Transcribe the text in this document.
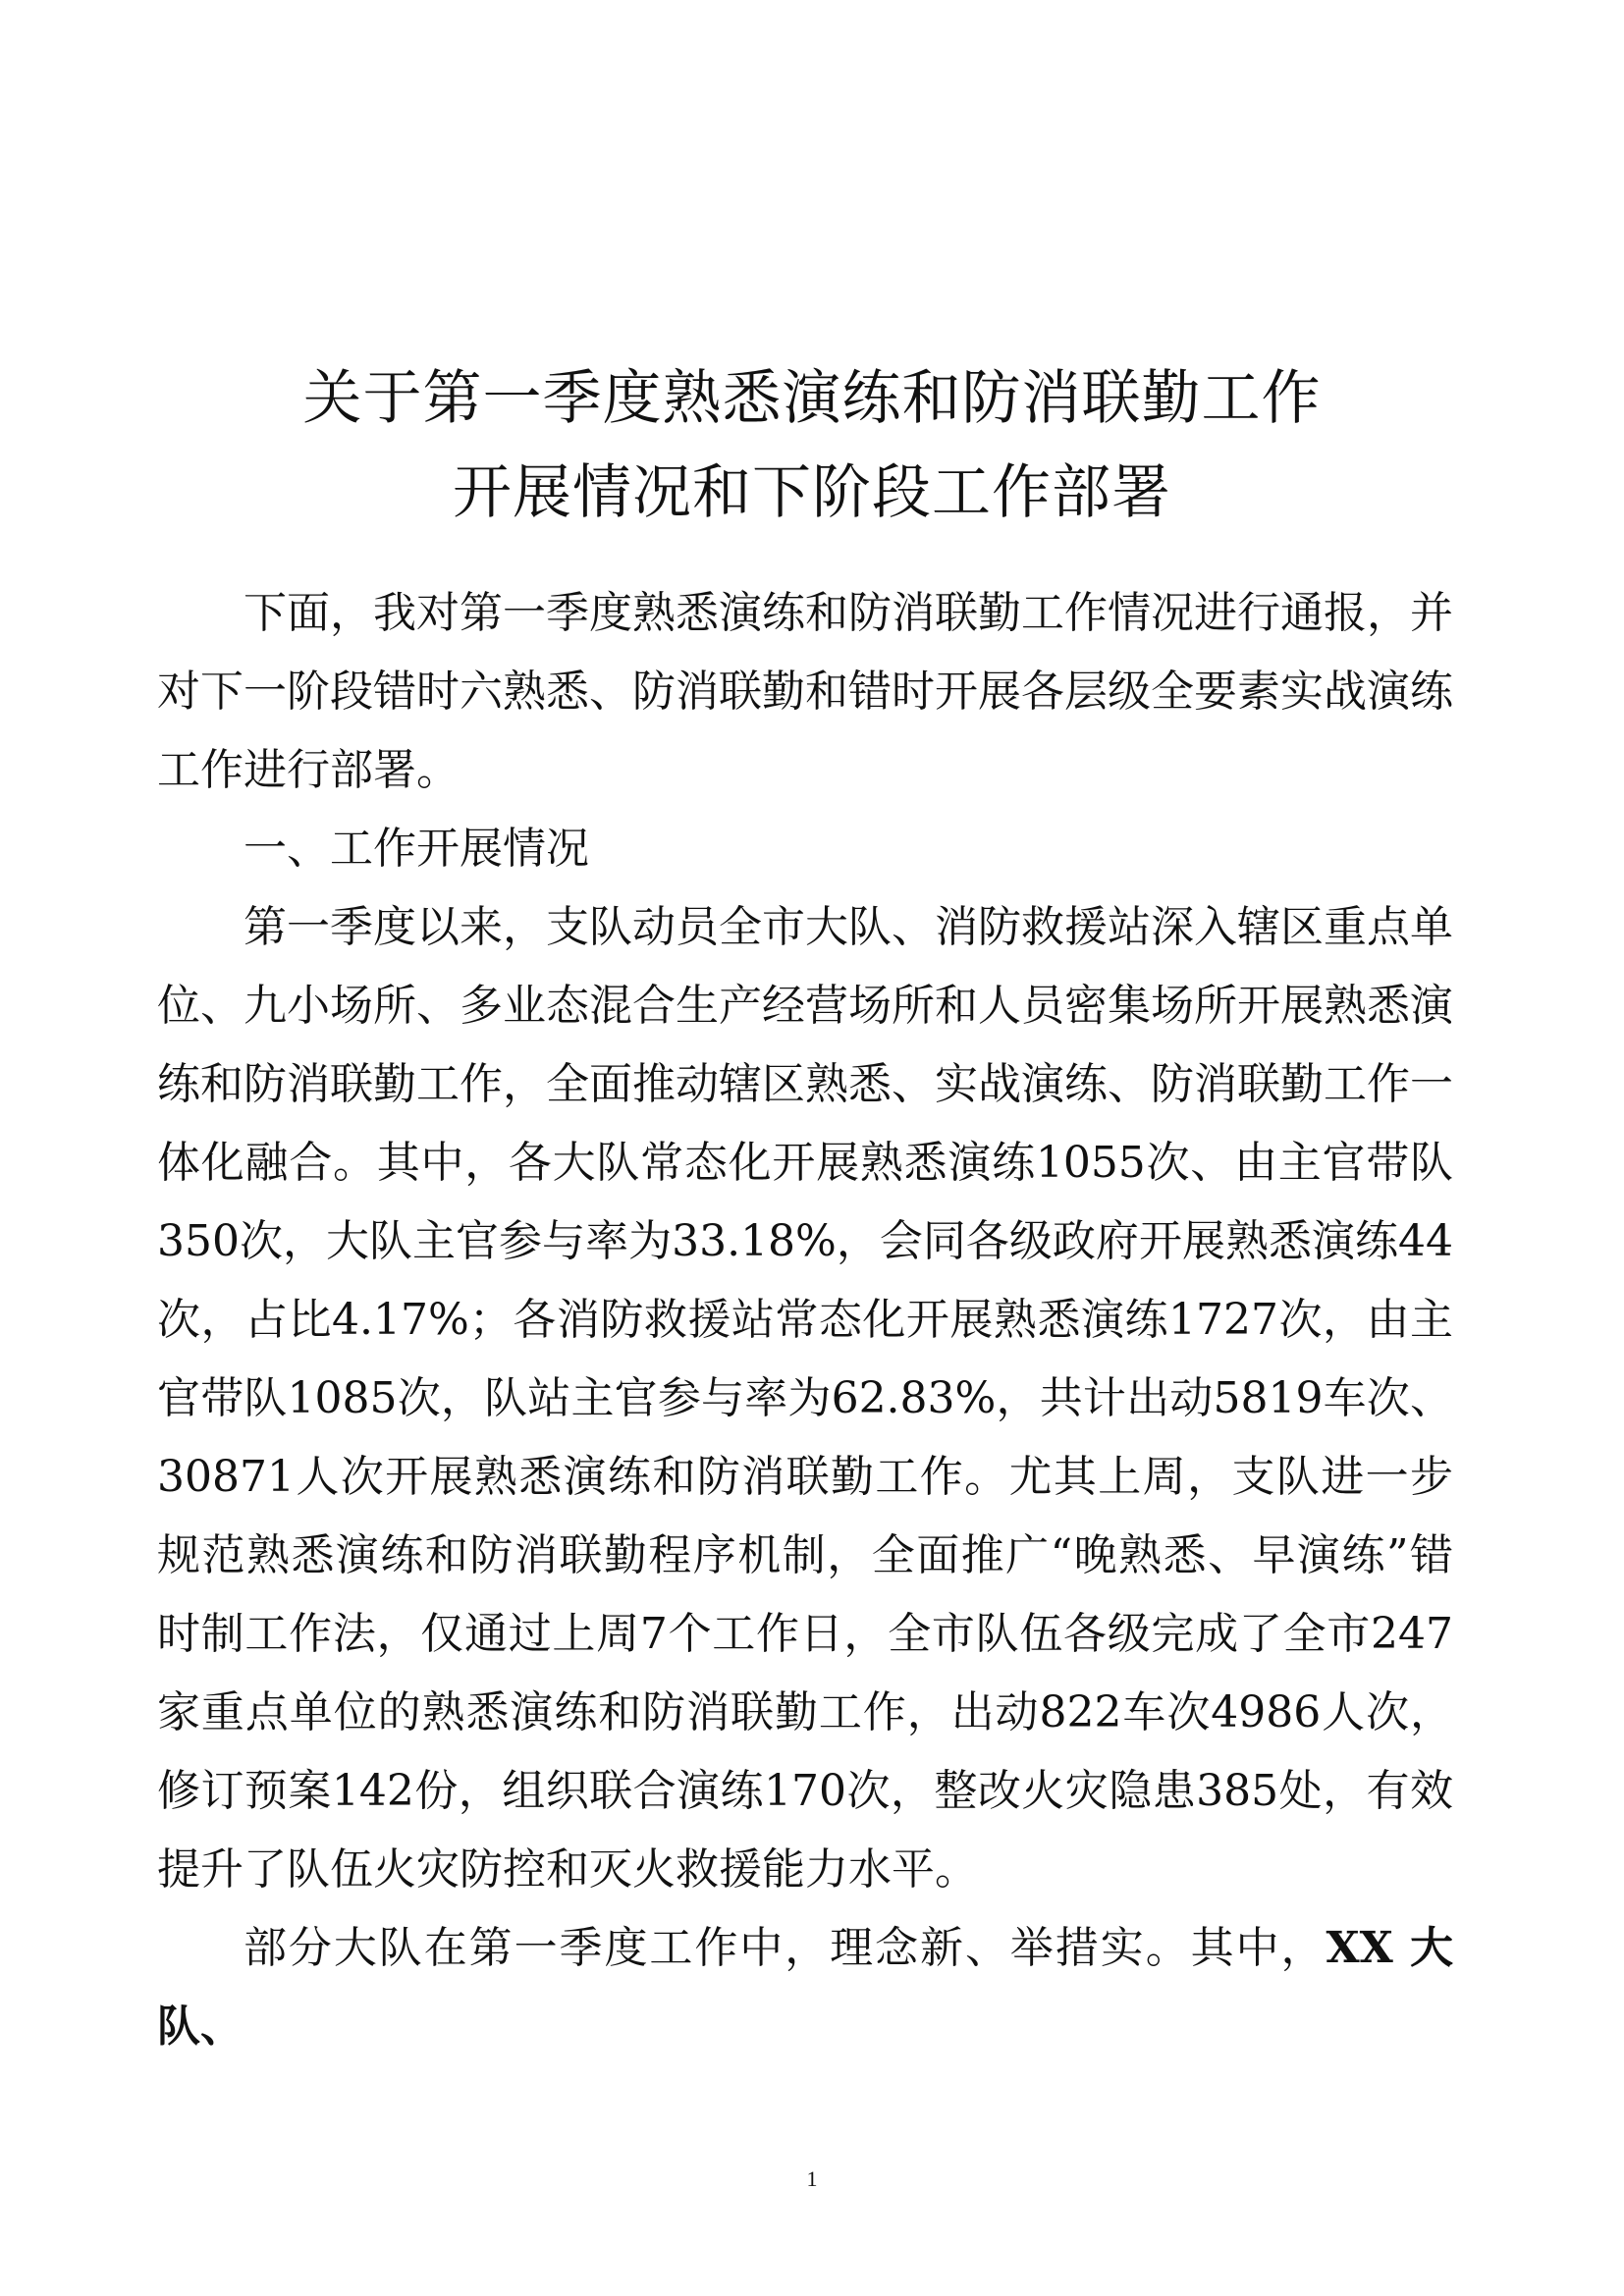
关于第一季度熟悉演练和防消联勤工作
开展情况和下阶段工作部署

下面，我对第一季度熟悉演练和防消联勤工作情况进行通报，并对下一阶段错时六熟悉、防消联勤和错时开展各层级全要素实战演练工作进行部署。

一、工作开展情况

第一季度以来，支队动员全市大队、消防救援站深入辖区重点单位、九小场所、多业态混合生产经营场所和人员密集场所开展熟悉演练和防消联勤工作，全面推动辖区熟悉、实战演练、防消联勤工作一体化融合。其中，各大队常态化开展熟悉演练1055次、由主官带队350次，大队主官参与率为33.18%，会同各级政府开展熟悉演练44次，占比4.17%；各消防救援站常态化开展熟悉演练1727次，由主官带队1085次，队站主官参与率为62.83%，共计出动5819车次、30871人次开展熟悉演练和防消联勤工作。尤其上周，支队进一步规范熟悉演练和防消联勤程序机制，全面推广“晚熟悉、早演练”错时制工作法，仅通过上周7个工作日，全市队伍各级完成了全市247家重点单位的熟悉演练和防消联勤工作，出动822车次4986人次，修订预案142份，组织联合演练170次，整改火灾隐患385处，有效提升了队伍火灾防控和灭火救援能力水平。

部分大队在第一季度工作中，理念新、举措实。其中，XX 大队、

1
